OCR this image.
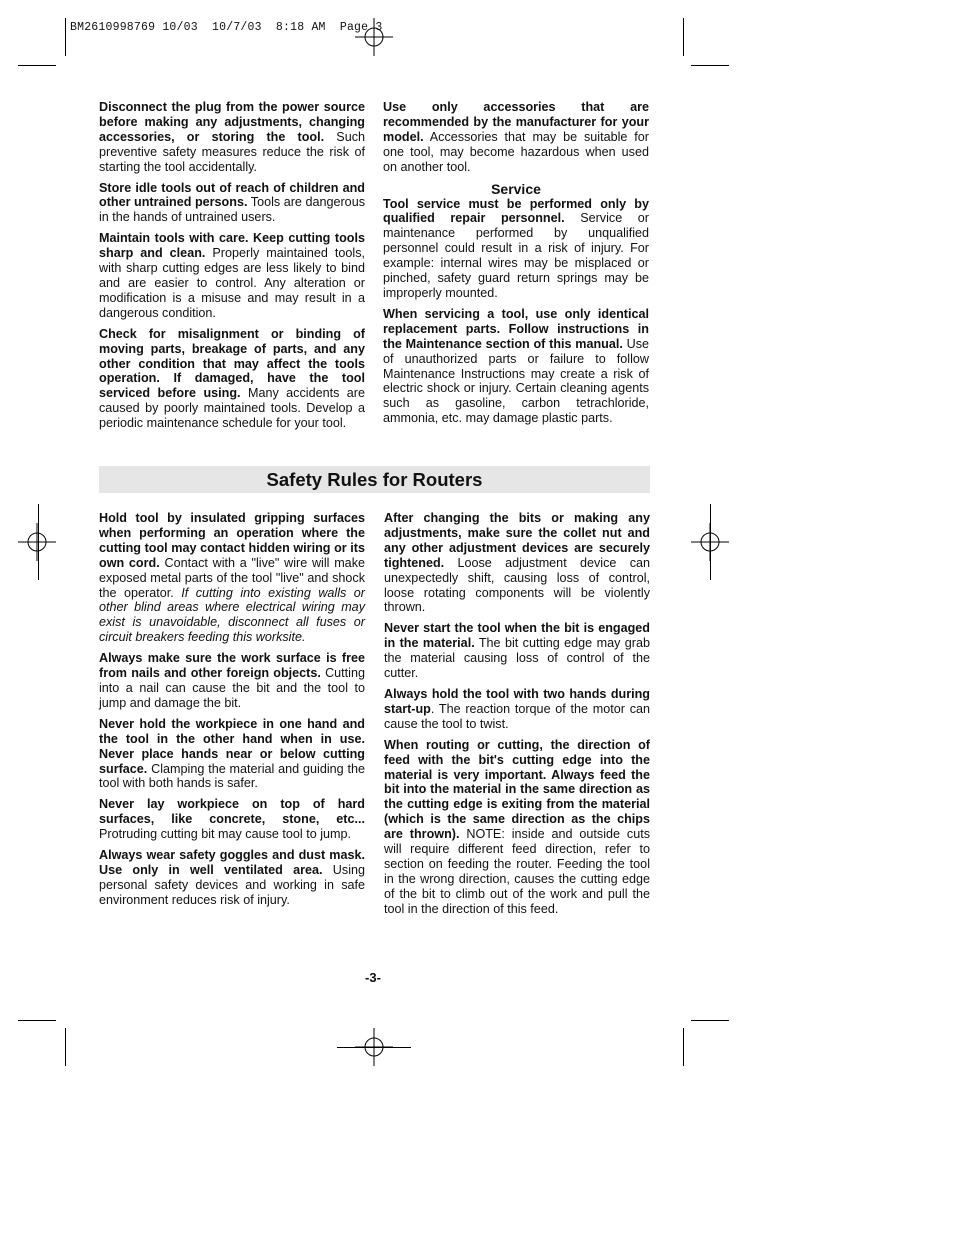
BM2610998769 10/03  10/7/03  8:18 AM  Page 3

Disconnect the plug from the power source before making any adjustments, changing accessories, or storing the tool. Such preventive safety measures reduce the risk of starting the tool accidentally.

Store idle tools out of reach of children and other untrained persons. Tools are dangerous in the hands of untrained users.

Maintain tools with care. Keep cutting tools sharp and clean. Properly maintained tools, with sharp cutting edges are less likely to bind and are easier to control. Any alteration or modification is a misuse and may result in a dangerous condition.

Check for misalignment or binding of moving parts, breakage of parts, and any other condition that may affect the tools operation. If damaged, have the tool serviced before using. Many accidents are caused by poorly maintained tools. Develop a periodic maintenance schedule for your tool.

Use only accessories that are recommended by the manufacturer for your model. Accessories that may be suitable for one tool, may become hazardous when used on another tool.

Service

Tool service must be performed only by qualified repair personnel. Service or maintenance performed by unqualified personnel could result in a risk of injury. For example: internal wires may be misplaced or pinched, safety guard return springs may be improperly mounted.

When servicing a tool, use only identical replacement parts. Follow instructions in the Maintenance section of this manual. Use of unauthorized parts or failure to follow Maintenance Instructions may create a risk of electric shock or injury. Certain cleaning agents such as gasoline, carbon tetrachloride, ammonia, etc. may damage plastic parts.

Safety Rules for Routers

Hold tool by insulated gripping surfaces when performing an operation where the cutting tool may contact hidden wiring or its own cord. Contact with a "live" wire will make exposed metal parts of the tool "live" and shock the operator. If cutting into existing walls or other blind areas where electrical wiring may exist is unavoidable, disconnect all fuses or circuit breakers feeding this worksite.

Always make sure the work surface is free from nails and other foreign objects. Cutting into a nail can cause the bit and the tool to jump and damage the bit.

Never hold the workpiece in one hand and the tool in the other hand when in use. Never place hands near or below cutting surface. Clamping the material and guiding the tool with both hands is safer.

Never lay workpiece on top of hard surfaces, like concrete, stone, etc... Protruding cutting bit may cause tool to jump.

Always wear safety goggles and dust mask. Use only in well ventilated area. Using personal safety devices and working in safe environment reduces risk of injury.

After changing the bits or making any adjustments, make sure the collet nut and any other adjustment devices are securely tightened. Loose adjustment device can unexpectedly shift, causing loss of control, loose rotating components will be violently thrown.

Never start the tool when the bit is engaged in the material. The bit cutting edge may grab the material causing loss of control of the cutter.

Always hold the tool with two hands during start-up. The reaction torque of the motor can cause the tool to twist.

When routing or cutting, the direction of feed with the bit's cutting edge into the material is very important. Always feed the bit into the material in the same direction as the cutting edge is exiting from the material (which is the same direction as the chips are thrown). NOTE: inside and outside cuts will require different feed direction, refer to section on feeding the router. Feeding the tool in the wrong direction, causes the cutting edge of the bit to climb out of the work and pull the tool in the direction of this feed.

-3-
